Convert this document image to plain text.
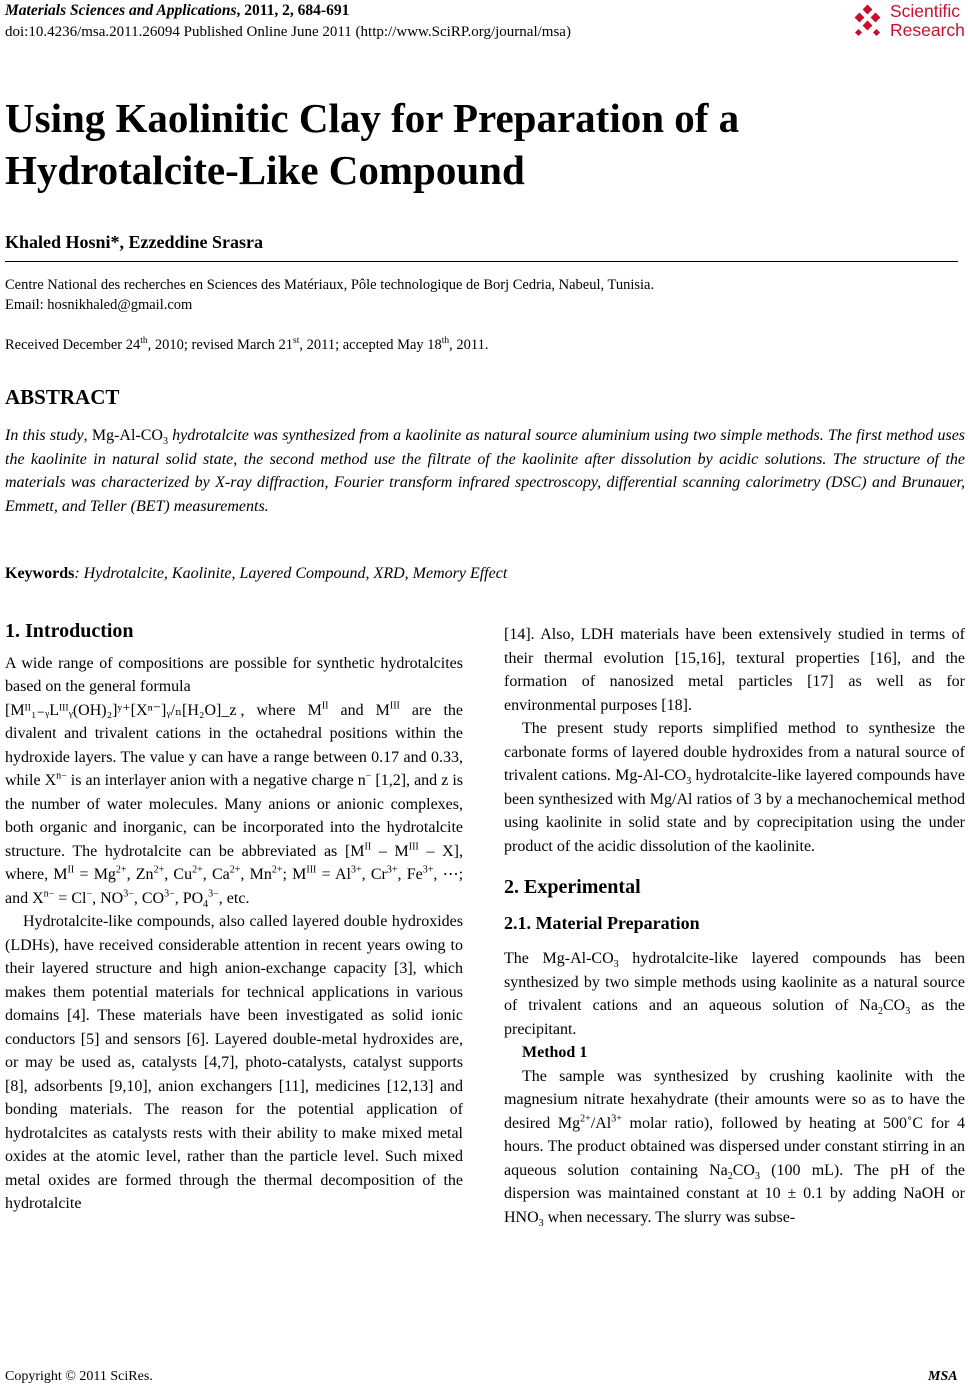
Materials Sciences and Applications, 2011, 2, 684-691
doi:10.4236/msa.2011.26094 Published Online June 2011 (http://www.SciRP.org/journal/msa)
Scientific
Research
Using Kaolinitic Clay for Preparation of a
Hydrotalcite-Like Compound
Khaled Hosni*, Ezzeddine Srasra
Centre National des recherches en Sciences des Matériaux, Pôle technologique de Borj Cedria, Nabeul, Tunisia.
Email: hosnikhaled@gmail.com
Received December 24th, 2010; revised March 21st, 2011; accepted May 18th, 2011.
ABSTRACT
In this study, $Mg-Al-CO_3$ hydrotalcite was synthesized from a kaolinite as natural source aluminium using two simple methods. The first method uses the kaolinite in natural solid state, the second method use the filtrate of the kaolinite after dissolution by acidic solutions. The structure of the materials was characterized by X-ray diffraction, Fourier transform infrared spectroscopy, differential scanning calorimetry (DSC) and Brunauer, Emmett, and Teller (BET) measurements.
Keywords: Hydrotalcite, Kaolinite, Layered Compound, XRD, Memory Effect
1. Introduction

A wide range of compositions are possible for synthetic hydrotalcites based on the general formula
[Mᴵᴵ₁₋ᵧLᴵᴵᴵᵧ(OH)₂]ʸ⁺[Xⁿ⁻]ᵧ/ₙ[H₂O]_z , where $M^{II}$ and $M^{III}$ are the divalent and trivalent cations in the octahedral positions within the hydroxide layers. The value y can have a range between 0.17 and 0.33, while $X^{n-}$ is an interlayer anion with a negative charge n− [1,2], and z is the number of water molecules. Many anions or anionic complexes, both organic and inorganic, can be incorporated into the hydrotalcite structure. The hydrotalcite can be abbreviated as $[M^{II} - M^{III} - X]$, where, $M^{II} = Mg^{2+}$, $Zn^{2+}$, $Cu^{2+}$, $Ca^{2+}$, $Mn^{2+}$; $M^{III} = Al^{3+}$, $Cr^{3+}$, $Fe^{3+}$, ⋯; and $X^{n-} = Cl^-$, $NO^{3-}$, $CO^{3-}$, $PO_4^{3-}$, etc.

Hydrotalcite-like compounds, also called layered double hydroxides (LDHs), have received considerable attention in recent years owing to their layered structure and high anion-exchange capacity [3], which makes them potential materials for technical applications in various domains [4]. These materials have been investigated as solid ionic conductors [5] and sensors [6]. Layered double-metal hydroxides are, or may be used as, catalysts [4,7], photo-catalysts, catalyst supports [8], adsorbents [9,10], anion exchangers [11], medicines [12,13] and bonding materials. The reason for the potential application of hydrotalcites as catalysts rests with their ability to make mixed metal oxides at the atomic level, rather than the particle level. Such mixed metal oxides are formed through the thermal decomposition of the hydrotalcite

[14]. Also, LDH materials have been extensively studied in terms of their thermal evolution [15,16], textural properties [16], and the formation of nanosized metal particles [17] as well as for environmental purposes [18].

The present study reports simplified method to synthesize the carbonate forms of layered double hydroxides from a natural source of trivalent cations. $Mg-Al-CO_3$ hydrotalcite-like layered compounds have been synthesized with Mg/Al ratios of 3 by a mechanochemical method using kaolinite in solid state and by coprecipitation using the under product of the acidic dissolution of the kaolinite.

2. Experimental
2.1. Material Preparation

The $Mg-Al-CO_3$ hydrotalcite-like layered compounds has been synthesized by two simple methods using kaolinite as a natural source of trivalent cations and an aqueous solution of $Na_2CO_3$ as the precipitant.

Method 1

The sample was synthesized by crushing kaolinite with the magnesium nitrate hexahydrate (their amounts were so as to have the desired $Mg^{2+}/Al^{3+}$ molar ratio), followed by heating at 500˚C for 4 hours. The product obtained was dispersed under constant stirring in an aqueous solution containing $Na_2CO_3$ (100 mL). The pH of the dispersion was maintained constant at 10 ± 0.1 by adding NaOH or $HNO_3$ when necessary. The slurry was subse-

Copyright © 2011 SciRes.	MSA
